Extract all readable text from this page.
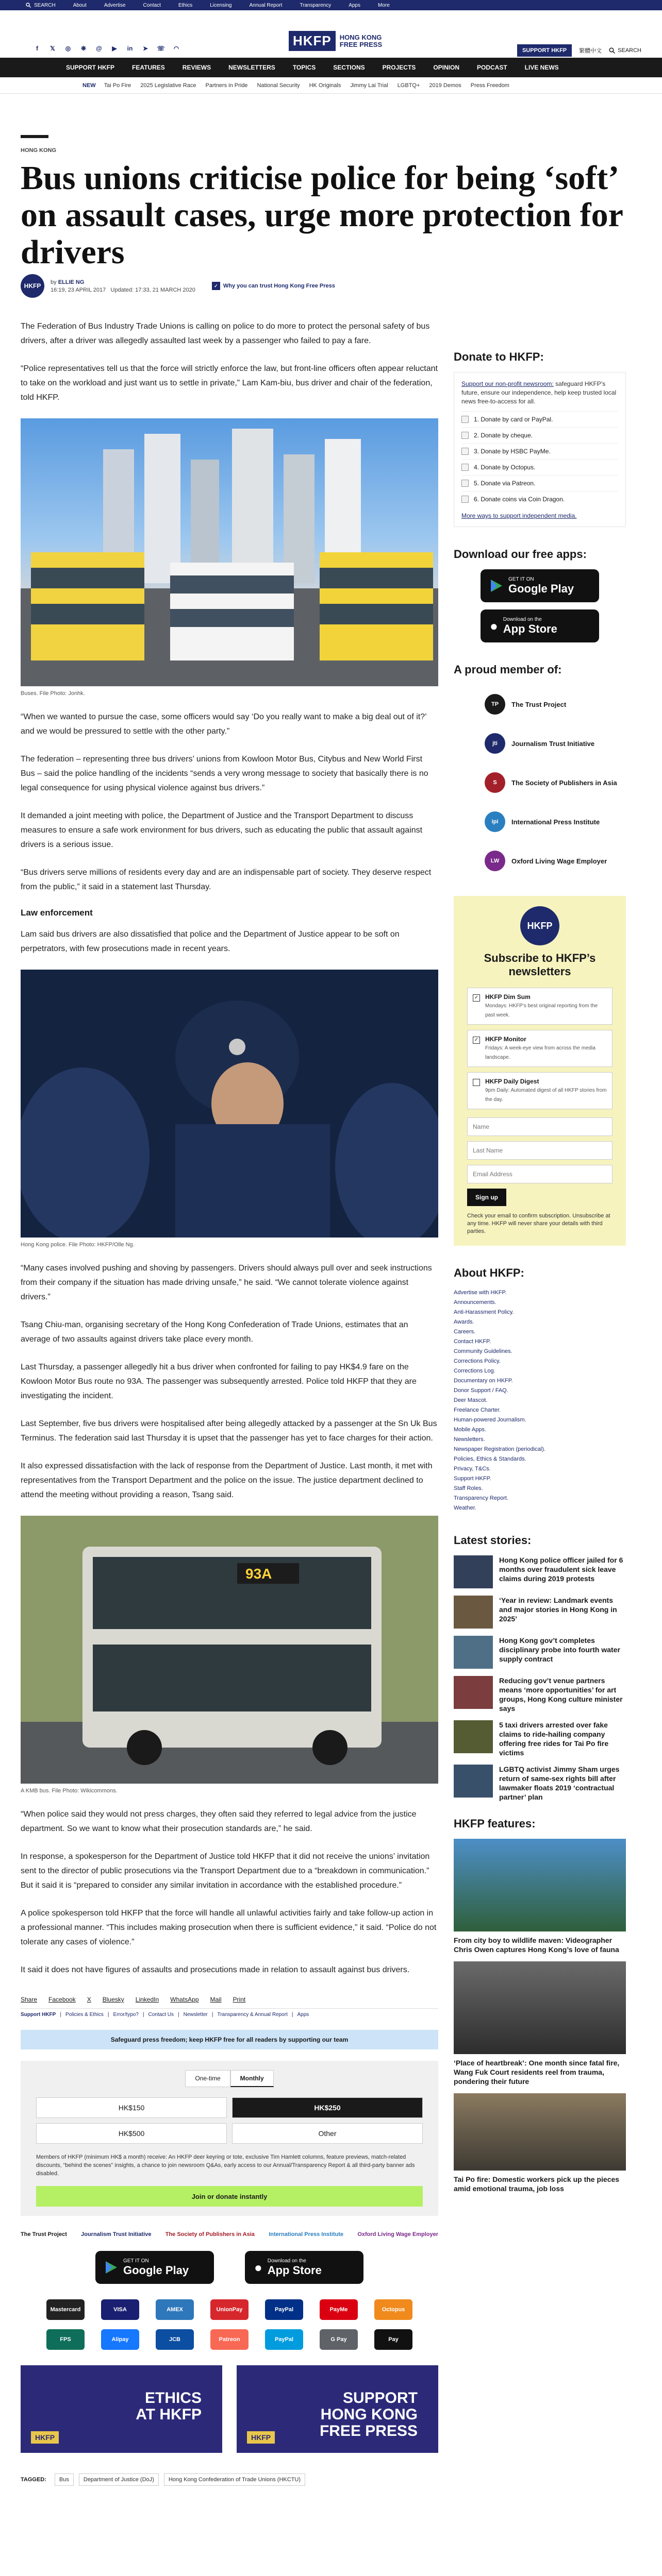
SEARCH	About	Advertise	Contact	Ethics	Licensing	Annual Report	Transparency	Apps	More
f	𝕏 ◎ ❋ @ ▶ in ➤ ☏ ◠	HKFP	HONG KONG
FREE PRESS
SUPPORT HKFP	繁體中文	SEARCH
SUPPORT HKFP	FEATURES	REVIEWS	NEWSLETTERS	TOPICS	SECTIONS	PROJECTS	OPINION	PODCAST	LIVE NEWS
NEW Tai Po Fire 2025 Legislative Race Partners in Pride National Security HK Originals Jimmy Lai Trial LGBTQ+ 2019 Demos Press Freedom
HONG KONG
Bus unions criticise police for being ‘soft’ on assault cases, urge more protection for drivers
HKFP
by ELLIE NG
16:19, 23 APRIL 2017 Updated: 17:33, 21 MARCH 2020
✓ Why you can trust Hong Kong Free Press

The Federation of Bus Industry Trade Unions is calling on police to do more to protect the personal safety of bus drivers, after a driver was allegedly assaulted last week by a passenger who failed to pay a fare.

“Police representatives tell us that the force will strictly enforce the law, but front-line officers often appear reluctant to take on the workload and just want us to settle in private,” Lam Kam-biu, bus driver and chair of the federation, told HKFP.

Buses. File Photo: Jonhk.

“When we wanted to pursue the case, some officers would say ‘Do you really want to make a big deal out of it?’ and we would be pressured to settle with the other party.”

The federation – representing three bus drivers’ unions from Kowloon Motor Bus, Citybus and New World First Bus – said the police handling of the incidents “sends a very wrong message to society that basically there is no legal consequence for using physical violence against bus drivers.”

It demanded a joint meeting with police, the Department of Justice and the Transport Department to discuss measures to ensure a safe work environment for bus drivers, such as educating the public that assault against drivers is a serious issue.

“Bus drivers serve millions of residents every day and are an indispensable part of society. They deserve respect from the public,” it said in a statement last Thursday.

Law enforcement

Lam said bus drivers are also dissatisfied that police and the Department of Justice appear to be soft on perpetrators, with few prosecutions made in recent years.

Hong Kong police. File Photo: HKFP/Olle Ng.

“Many cases involved pushing and shoving by passengers. Drivers should always pull over and seek instructions from their company if the situation has made driving unsafe,” he said. “We cannot tolerate violence against drivers.”

Tsang Chiu-man, organising secretary of the Hong Kong Confederation of Trade Unions, estimates that an average of two assaults against drivers take place every month.

Last Thursday, a passenger allegedly hit a bus driver when confronted for failing to pay HK$4.9 fare on the Kowloon Motor Bus route no 93A. The passenger was subsequently arrested. Police told HKFP that they are investigating the incident.

Last September, five bus drivers were hospitalised after being allegedly attacked by a passenger at the Sn Uk Bus Terminus. The federation said last Thursday it is upset that the passenger has yet to face charges for their action.

It also expressed dissatisfaction with the lack of response from the Department of Justice. Last month, it met with representatives from the Transport Department and the police on the issue. The justice department declined to attend the meeting without providing a reason, Tsang said.

93A
A KMB bus. File Photo: Wikicommons.

“When police said they would not press charges, they often said they referred to legal advice from the justice department. So we want to know what their prosecution standards are,” he said.

In response, a spokesperson for the Department of Justice told HKFP that it did not receive the unions’ invitation sent to the director of public prosecutions via the Transport Department due to a “breakdown in communication.” But it said it is “prepared to consider any similar invitation in accordance with the established procedure.”

A police spokesperson told HKFP that the force will handle all unlawful activities fairly and take follow-up action in a professional manner. “This includes making prosecution when there is sufficient evidence,” it said. “Police do not tolerate any cases of violence.”

It said it does not have figures of assaults and prosecutions made in relation to assault against bus drivers.

Share Facebook X Bluesky LinkedIn WhatsApp Mail Print
Support HKFP | Policies & Ethics | Error/typo? | Contact Us | Newsletter | Transparency & Annual Report | Apps
Safeguard press freedom; keep HKFP free for all readers by supporting our team
One-time	Monthly
HK$150	HK$250
HK$500	Other
Members of HKFP (minimum HK$ a month) receive: An HKFP deer keyring or tote, exclusive Tim Hamlett columns, feature previews, match-related discounts, “behind the scenes” insights, a chance to join newsroom Q&As, early access to our Annual/Transparency Report & all third-party banner ads disabled.
Join or donate instantly
The Trust Project Journalism Trust Initiative The Society of Publishers in Asia International Press Institute Oxford Living Wage Employer
GET IT ON
Google Play	● Download on the
App Store
Mastercard	VISA	AMEX	UnionPay	PayPal	PayMe	Octopus
FPS	Alipay	JCB	Patreon	PayPal	G Pay	Pay
ETHICS
AT HKFP
HKFP
SUPPORT
HONG KONG
FREE PRESS
HKFP
TAGGED:	Bus	Department of Justice (DoJ)	Hong Kong Confederation of Trade Unions (HKCTU)
Donate to HKFP:
Support our non-profit newsroom: safeguard HKFP’s future, ensure our independence, help keep trusted local news free-to-access for all.
1. Donate by card or PayPal.
2. Donate by cheque.
3. Donate by HSBC PayMe.
4. Donate by Octopus.
5. Donate via Patreon.
6. Donate coins via Coin Dragon.
More ways to support independent media.
Download our free apps:
GET IT ON
Google Play
● Download on the
App Store
A proud member of:
TP	The Trust Project
jti	Journalism Trust Initiative
S	The Society of Publishers in Asia
ipi	International Press Institute
LW	Oxford Living Wage Employer
HKFP
Subscribe to HKFP’s newsletters
✓ HKFP Dim Sum
Mondays: HKFP’s best original reporting from the past week.
✓ HKFP Monitor
Fridays: A week-eye view from across the media landscape.
HKFP Daily Digest
9pm Daily: Automated digest of all HKFP stories from the day.
Name
Last Name
Email Address
Sign up
Check your email to confirm subscription. Unsubscribe at any time. HKFP will never share your details with third parties.
About HKFP:
Advertise with HKFP.
Announcements.
Anti-Harassment Policy.
Awards.
Careers.
Contact HKFP.
Community Guidelines.
Corrections Policy.
Corrections Log.
Documentary on HKFP.
Donor Support / FAQ.
Deer Mascot.
Freelance Charter.
Human-powered Journalism.
Mobile Apps.
Newsletters.
Newspaper Registration (periodical).
Policies, Ethics & Standards.
Privacy, T&Cs.
Support HKFP.
Staff Roles.
Transparency Report.
Weather.
Latest stories:
Hong Kong police officer jailed for 6 months over fraudulent sick leave claims during 2019 protests
‘Year in review: Landmark events and major stories in Hong Kong in 2025’
Hong Kong gov’t completes disciplinary probe into fourth water supply contract
Reducing gov’t venue partners means ‘more opportunities’ for art groups, Hong Kong culture minister says
5 taxi drivers arrested over fake claims to ride-hailing company offering free rides for Tai Po fire victims
LGBTQ activist Jimmy Sham urges return of same-sex rights bill after lawmaker floats 2019 ‘contractual partner’ plan
HKFP features:
From city boy to wildlife maven: Videographer Chris Owen captures Hong Kong’s love of fauna
‘Place of heartbreak’: One month since fatal fire, Wang Fuk Court residents reel from trauma, pondering their future
Tai Po fire: Domestic workers pick up the pieces amid emotional trauma, job loss
